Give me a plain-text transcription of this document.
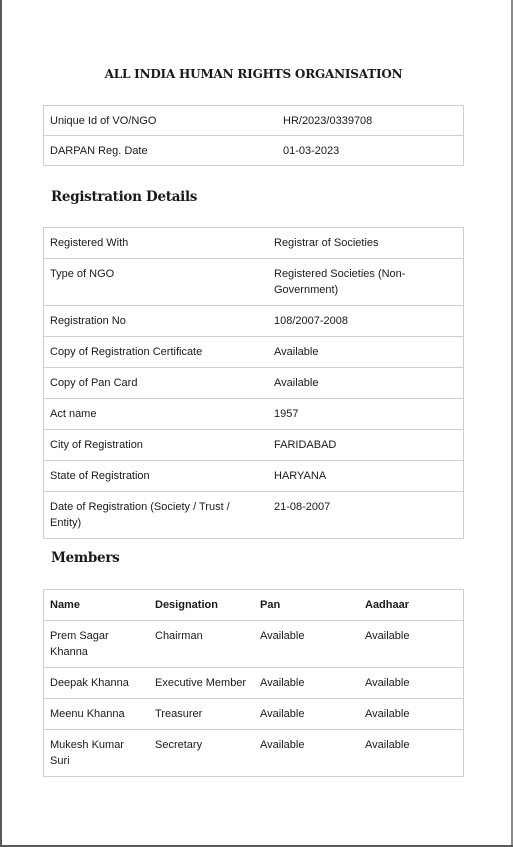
ALL INDIA HUMAN RIGHTS ORGANISATION
Unique Id of VO/NGO	HR/2023/0339708
DARPAN Reg. Date	01-03-2023
Registration Details
Registered With	Registrar of Societies
Type of NGO	Registered Societies (Non-Government)
Registration No	108/2007-2008
Copy of Registration Certificate	Available
Copy of Pan Card	Available
Act name	1957
City of Registration	FARIDABAD
State of Registration	HARYANA
Date of Registration (Society / Trust / Entity)	21-08-2007
Members
Name	Designation	Pan	Aadhaar
Prem Sagar Khanna	Chairman	Available	Available
Deepak Khanna	Executive Member	Available	Available
Meenu Khanna	Treasurer	Available	Available
Mukesh Kumar Suri	Secretary	Available	Available
